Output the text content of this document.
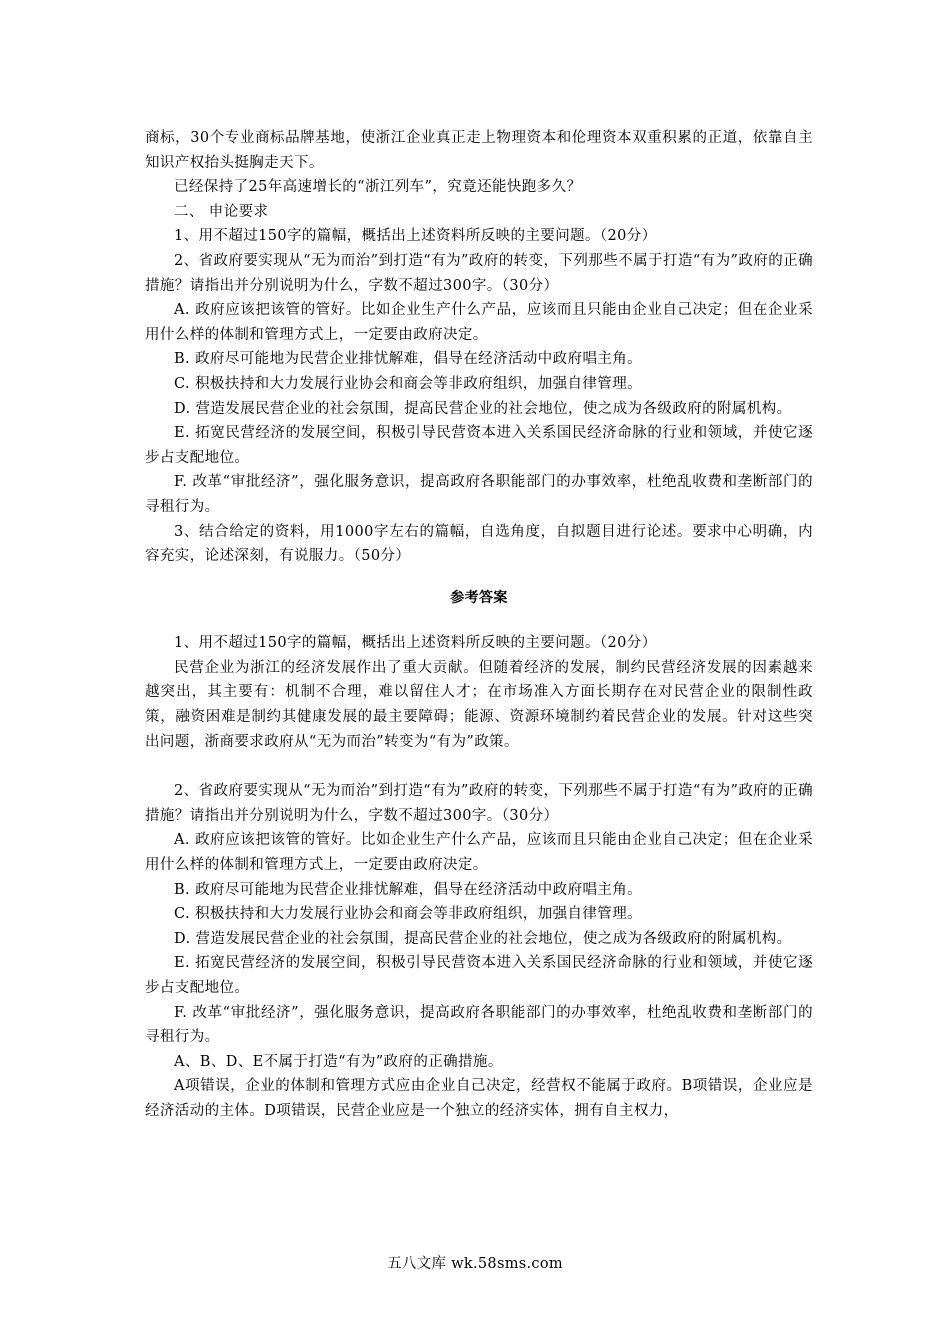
商标，30个专业商标品牌基地，使浙江企业真正走上物理资本和伦理资本双重积累的正道，依靠自主知识产权抬头挺胸走天下。

已经保持了25年高速增长的“浙江列车”，究竟还能快跑多久？

二、 申论要求

1、用不超过150字的篇幅，概括出上述资料所反映的主要问题。（20分）

2、省政府要实现从“无为而治”到打造“有为”政府的转变，下列那些不属于打造“有为”政府的正确措施？请指出并分别说明为什么，字数不超过300字。（30分）

A. 政府应该把该管的管好。比如企业生产什么产品，应该而且只能由企业自己决定；但在企业采用什么样的体制和管理方式上，一定要由政府决定。

B. 政府尽可能地为民营企业排忧解难，倡导在经济活动中政府唱主角。

C. 积极扶持和大力发展行业协会和商会等非政府组织，加强自律管理。

D. 营造发展民营企业的社会氛围，提高民营企业的社会地位，使之成为各级政府的附属机构。

E. 拓宽民营经济的发展空间，积极引导民营资本进入关系国民经济命脉的行业和领域，并使它逐步占支配地位。

F. 改革“审批经济”，强化服务意识，提高政府各职能部门的办事效率，杜绝乱收费和垄断部门的寻租行为。

3、结合给定的资料，用1000字左右的篇幅，自选角度，自拟题目进行论述。要求中心明确，内容充实，论述深刻，有说服力。（50分）

参考答案

1、用不超过150字的篇幅，概括出上述资料所反映的主要问题。（20分）

民营企业为浙江的经济发展作出了重大贡献。但随着经济的发展，制约民营经济发展的因素越来越突出，其主要有：机制不合理，难以留住人才；在市场准入方面长期存在对民营企业的限制性政策，融资困难是制约其健康发展的最主要障碍；能源、资源环境制约着民营企业的发展。针对这些突出问题，浙商要求政府从“无为而治”转变为“有为”政策。

2、省政府要实现从“无为而治”到打造“有为”政府的转变，下列那些不属于打造“有为”政府的正确措施？请指出并分别说明为什么，字数不超过300字。（30分）

A. 政府应该把该管的管好。比如企业生产什么产品，应该而且只能由企业自己决定；但在企业采用什么样的体制和管理方式上，一定要由政府决定。

B. 政府尽可能地为民营企业排忧解难，倡导在经济活动中政府唱主角。

C. 积极扶持和大力发展行业协会和商会等非政府组织，加强自律管理。

D. 营造发展民营企业的社会氛围，提高民营企业的社会地位，使之成为各级政府的附属机构。

E. 拓宽民营经济的发展空间，积极引导民营资本进入关系国民经济命脉的行业和领域，并使它逐步占支配地位。

F. 改革“审批经济”，强化服务意识，提高政府各职能部门的办事效率，杜绝乱收费和垄断部门的寻租行为。

A、B、D、E不属于打造“有为”政府的正确措施。

A项错误，企业的体制和管理方式应由企业自己决定，经营权不能属于政府。B项错误，企业应是经济活动的主体。D项错误，民营企业应是一个独立的经济实体，拥有自主权力，

五八文库 wk.58sms.com
